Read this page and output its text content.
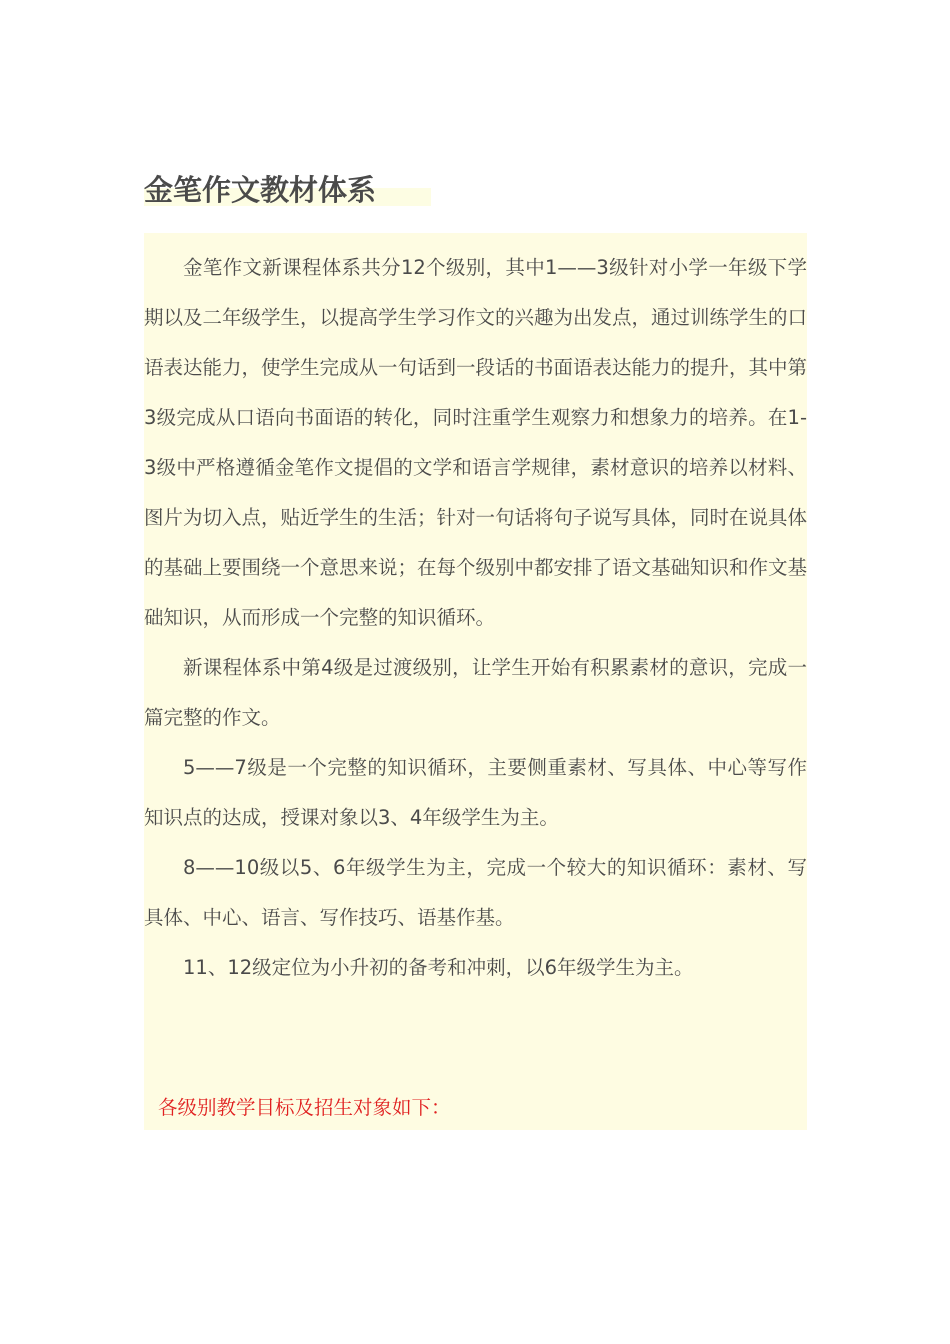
金笔作文教材体系

金笔作文新课程体系共分12个级别，其中1——3级针对小学一年级下学期以及二年级学生，以提高学生学习作文的兴趣为出发点，通过训练学生的口语表达能力，使学生完成从一句话到一段话的书面语表达能力的提升，其中第3级完成从口语向书面语的转化，同时注重学生观察力和想象力的培养。在1-3级中严格遵循金笔作文提倡的文学和语言学规律，素材意识的培养以材料、图片为切入点，贴近学生的生活；针对一句话将句子说写具体，同时在说具体的基础上要围绕一个意思来说；在每个级别中都安排了语文基础知识和作文基础知识，从而形成一个完整的知识循环。

新课程体系中第4级是过渡级别，让学生开始有积累素材的意识，完成一篇完整的作文。

5——7级是一个完整的知识循环，主要侧重素材、写具体、中心等写作知识点的达成，授课对象以3、4年级学生为主。

8——10级以5、6年级学生为主，完成一个较大的知识循环：素材、写具体、中心、语言、写作技巧、语基作基。

11、12级定位为小升初的备考和冲刺，以6年级学生为主。

各级别教学目标及招生对象如下：
